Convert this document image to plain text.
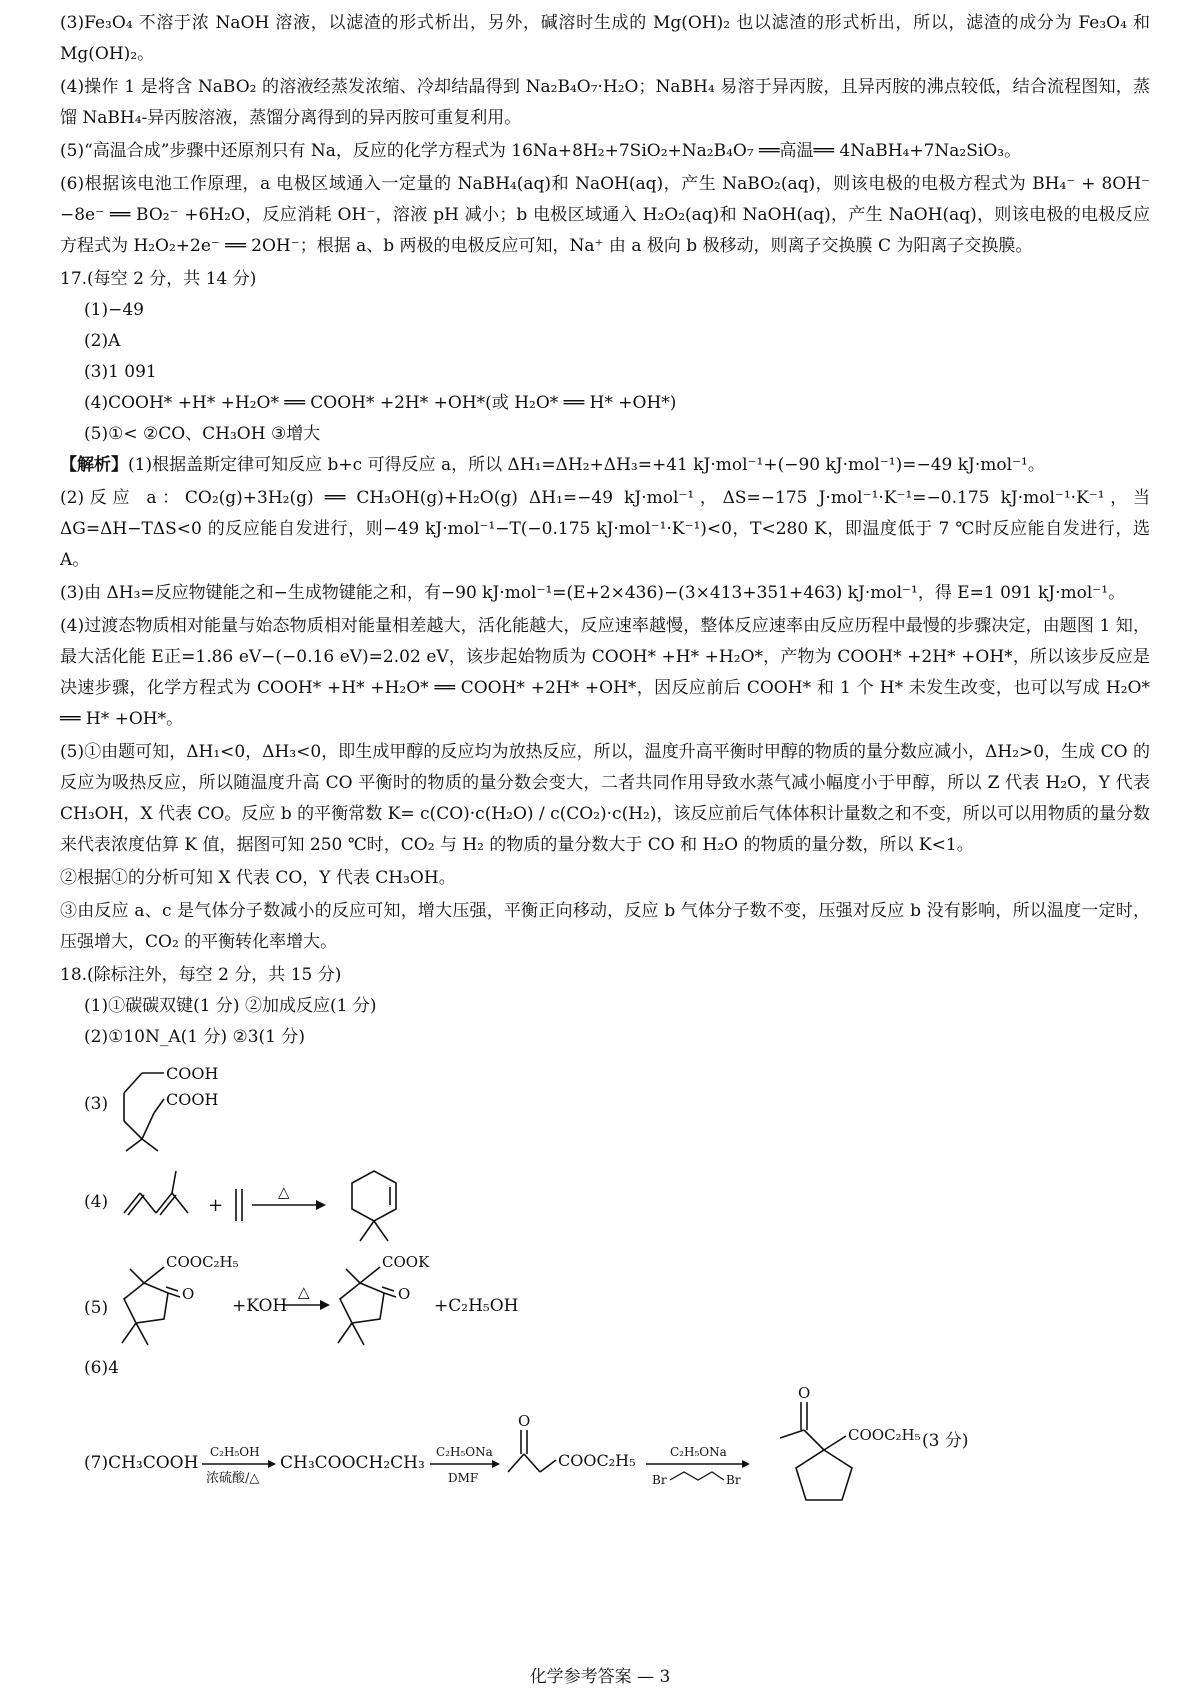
(3)Fe₃O₄ 不溶于浓 NaOH 溶液，以滤渣的形式析出，另外，碱溶时生成的 Mg(OH)₂ 也以滤渣的形式析出，所以，滤渣的成分为 Fe₃O₄ 和 Mg(OH)₂。

(4)操作 1 是将含 NaBO₂ 的溶液经蒸发浓缩、冷却结晶得到 Na₂B₄O₇·H₂O；NaBH₄ 易溶于异丙胺，且异丙胺的沸点较低，结合流程图知，蒸馏 NaBH₄-异丙胺溶液，蒸馏分离得到的异丙胺可重复利用。

(5)“高温合成”步骤中还原剂只有 Na，反应的化学方程式为 16Na+8H₂+7SiO₂+Na₂B₄O₇ ══高温══ 4NaBH₄+7Na₂SiO₃。

(6)根据该电池工作原理，a 电极区域通入一定量的 NaBH₄(aq)和 NaOH(aq)，产生 NaBO₂(aq)，则该电极的电极方程式为 BH₄⁻ + 8OH⁻ −8e⁻ ══ BO₂⁻ +6H₂O，反应消耗 OH⁻，溶液 pH 减小；b 电极区域通入 H₂O₂(aq)和 NaOH(aq)，产生 NaOH(aq)，则该电极的电极反应方程式为 H₂O₂+2e⁻ ══ 2OH⁻；根据 a、b 两极的电极反应可知，Na⁺ 由 a 极向 b 极移动，则离子交换膜 C 为阳离子交换膜。

17.(每空 2 分，共 14 分)

(1)−49

(2)A

(3)1 091

(4)COOH* +H* +H₂O* ══ COOH* +2H* +OH*(或 H₂O* ══ H* +OH*)

(5)①< ②CO、CH₃OH ③增大

【解析】(1)根据盖斯定律可知反应 b+c 可得反应 a，所以 ΔH₁=ΔH₂+ΔH₃=+41 kJ·mol⁻¹+(−90 kJ·mol⁻¹)=−49 kJ·mol⁻¹。

(2)反应 a：CO₂(g)+3H₂(g) ══ CH₃OH(g)+H₂O(g) ΔH₁=−49 kJ·mol⁻¹，ΔS=−175 J·mol⁻¹·K⁻¹=−0.175 kJ·mol⁻¹·K⁻¹，当 ΔG=ΔH−TΔS<0 的反应能自发进行，则−49 kJ·mol⁻¹−T(−0.175 kJ·mol⁻¹·K⁻¹)<0，T<280 K，即温度低于 7 ℃时反应能自发进行，选 A。

(3)由 ΔH₃=反应物键能之和−生成物键能之和，有−90 kJ·mol⁻¹=(E+2×436)−(3×413+351+463) kJ·mol⁻¹，得 E=1 091 kJ·mol⁻¹。

(4)过渡态物质相对能量与始态物质相对能量相差越大，活化能越大，反应速率越慢，整体反应速率由反应历程中最慢的步骤决定，由题图 1 知，最大活化能 E正=1.86 eV−(−0.16 eV)=2.02 eV，该步起始物质为 COOH* +H* +H₂O*，产物为 COOH* +2H* +OH*，所以该步反应是决速步骤，化学方程式为 COOH* +H* +H₂O* ══ COOH* +2H* +OH*，因反应前后 COOH* 和 1 个 H* 未发生改变，也可以写成 H₂O* ══ H* +OH*。

(5)①由题可知，ΔH₁<0，ΔH₃<0，即生成甲醇的反应均为放热反应，所以，温度升高平衡时甲醇的物质的量分数应减小，ΔH₂>0，生成 CO 的反应为吸热反应，所以随温度升高 CO 平衡时的物质的量分数会变大，二者共同作用导致水蒸气减小幅度小于甲醇，所以 Z 代表 H₂O，Y 代表 CH₃OH，X 代表 CO。反应 b 的平衡常数 K= c(CO)·c(H₂O) / c(CO₂)·c(H₂)，该反应前后气体体积计量数之和不变，所以可以用物质的量分数来代表浓度估算 K 值，据图可知 250 ℃时，CO₂ 与 H₂ 的物质的量分数大于 CO 和 H₂O 的物质的量分数，所以 K<1。

②根据①的分析可知 X 代表 CO，Y 代表 CH₃OH。

③由反应 a、c 是气体分子数减小的反应可知，增大压强，平衡正向移动，反应 b 气体分子数不变，压强对反应 b 没有影响，所以温度一定时，压强增大，CO₂ 的平衡转化率增大。

18.(除标注外，每空 2 分，共 15 分)

(1)①碳碳双键(1 分) ②加成反应(1 分)

(2)①10N_A(1 分) ②3(1 分)

(3)
COOH
COOH
(4)	+
△
(5)
COOC₂H₅
O
+KOH
△
COOK
O
+C₂H₅OH

(6)4

(7)CH₃COOH
C₂H₅OH
浓硫酸/△
CH₃COOCH₂CH₃
C₂H₅ONa
DMF
O
COOC₂H₅	C₂H₅ONa
Br	Br
O
COOC₂H₅ (3 分)
化学参考答案 — 3
